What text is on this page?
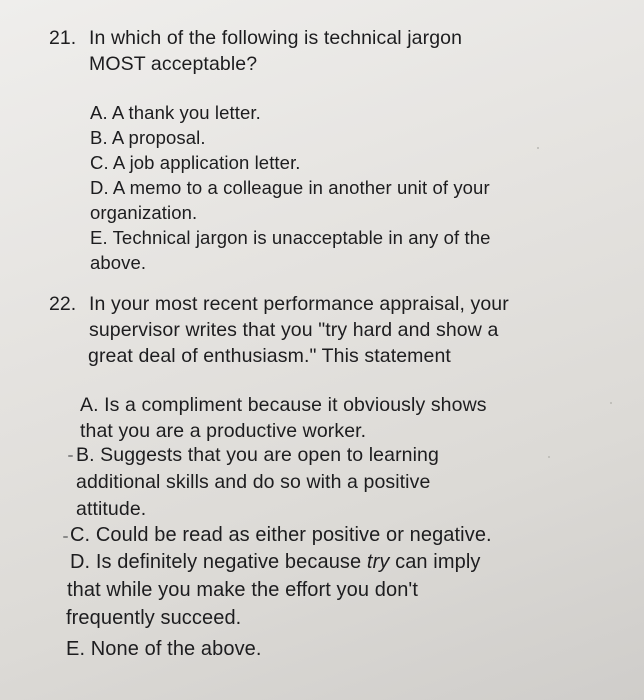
21. In which of the following is technical jargon
MOST acceptable?
A. A thank you letter.
B. A proposal.
C. A job application letter.
D. A memo to a colleague in another unit of your
organization.
E. Technical jargon is unacceptable in any of the
above.
22. In your most recent performance appraisal, your
supervisor writes that you "try hard and show a
great deal of enthusiasm." This statement
A. Is a compliment because it obviously shows
that you are a productive worker.
B. Suggests that you are open to learning
additional skills and do so with a positive
attitude.
C. Could be read as either positive or negative.
D. Is definitely negative because try can imply
that while you make the effort you don't
frequently succeed.
E. None of the above.
